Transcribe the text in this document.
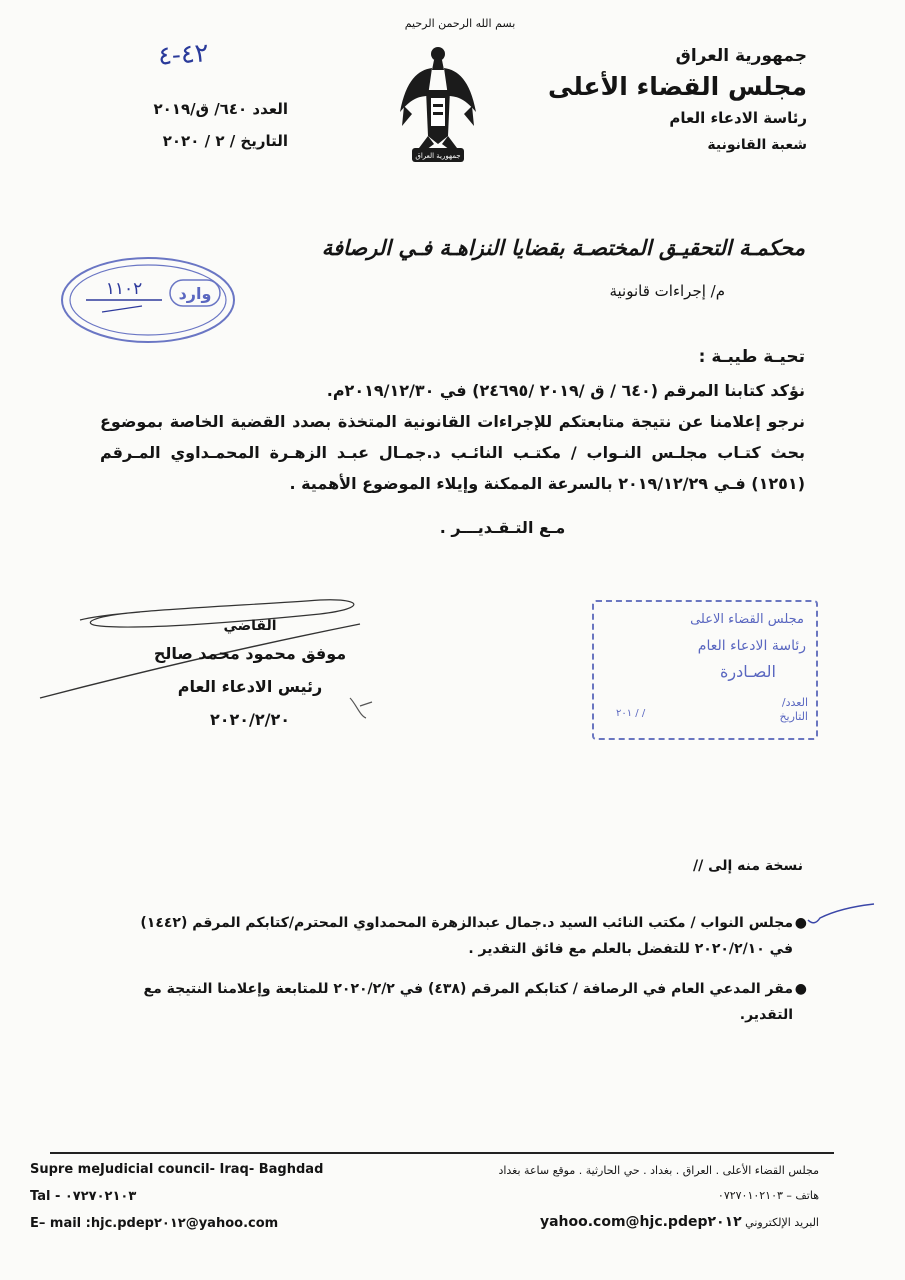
بسم الله الرحمن الرحيم
جمهورية العراق
مجلس القضاء الأعلى
رئاسة الادعاء العام
شعبة القانونية
جمهورية العراق
٤٢-٤
العدد ٦٤٠/ ق/٢٠١٩
التاريخ / ٢ / ٢٠٢٠
محكمـة التحقيـق المختصـة بقضايا النزاهـة فـي الرصافة
م/ إجراءات قانونية
وارد
١١٠٢
تحيـة طيبـة :
نؤكد كتابنا المرقم (٦٤٠ / ق /٢٠١٩ /٢٤٦٩٥) في ٢٠١٩/١٢/٣٠م.
نرجو إعلامنا عن نتيجة متابعتكم للإجراءات القانونية المتخذة بصدد القضية الخاصة بموضوع بحث كتـاب مجلـس النـواب / مكتـب النائـب د.جمـال عبـد الزهـرة المحمـداوي المـرقم (١٢٥١) فـي ٢٠١٩/١٢/٢٩ بالسرعة الممكنة وإيلاء الموضوع الأهمية .
مـع التـقـديـــر .
القاضي
موفق محمود محمد صالح
رئيس الادعاء العام
٢٠٢٠/٢/٢٠
مجلس القضاء الاعلى
رئاسة الادعاء العام
الصـادرة
العدد/
التاريخ
٢٠١ / /
نسخة منه إلى //
●
مجلس النواب / مكتب النائب السيد د.جمال عبدالزهرة المحمداوي المحترم/كتابكم المرقم (١٤٤٢) في ٢٠٢٠/٢/١٠ للتفضل بالعلم مع فائق التقدير .
●
مقر المدعي العام في الرصافة / كتابكم المرقم (٤٣٨) في ٢٠٢٠/٢/٢ للمتابعة وإعلامنا النتيجة مع التقدير.
Supre meJudicial council- Iraq- Baghdad
Tal - ٠٧٢٧٠٢١٠٣
E– mail :hjc.pdep٢٠١٢@yahoo.com
مجلس القضاء الأعلى . العراق . بغداد . حي الحارثية . موقع ساعة بغداد
هاتف – ٠٧٢٧٠١٠٢١٠٣
البريد الإلكتروني hjc.pdep٢٠١٢@yahoo.com
